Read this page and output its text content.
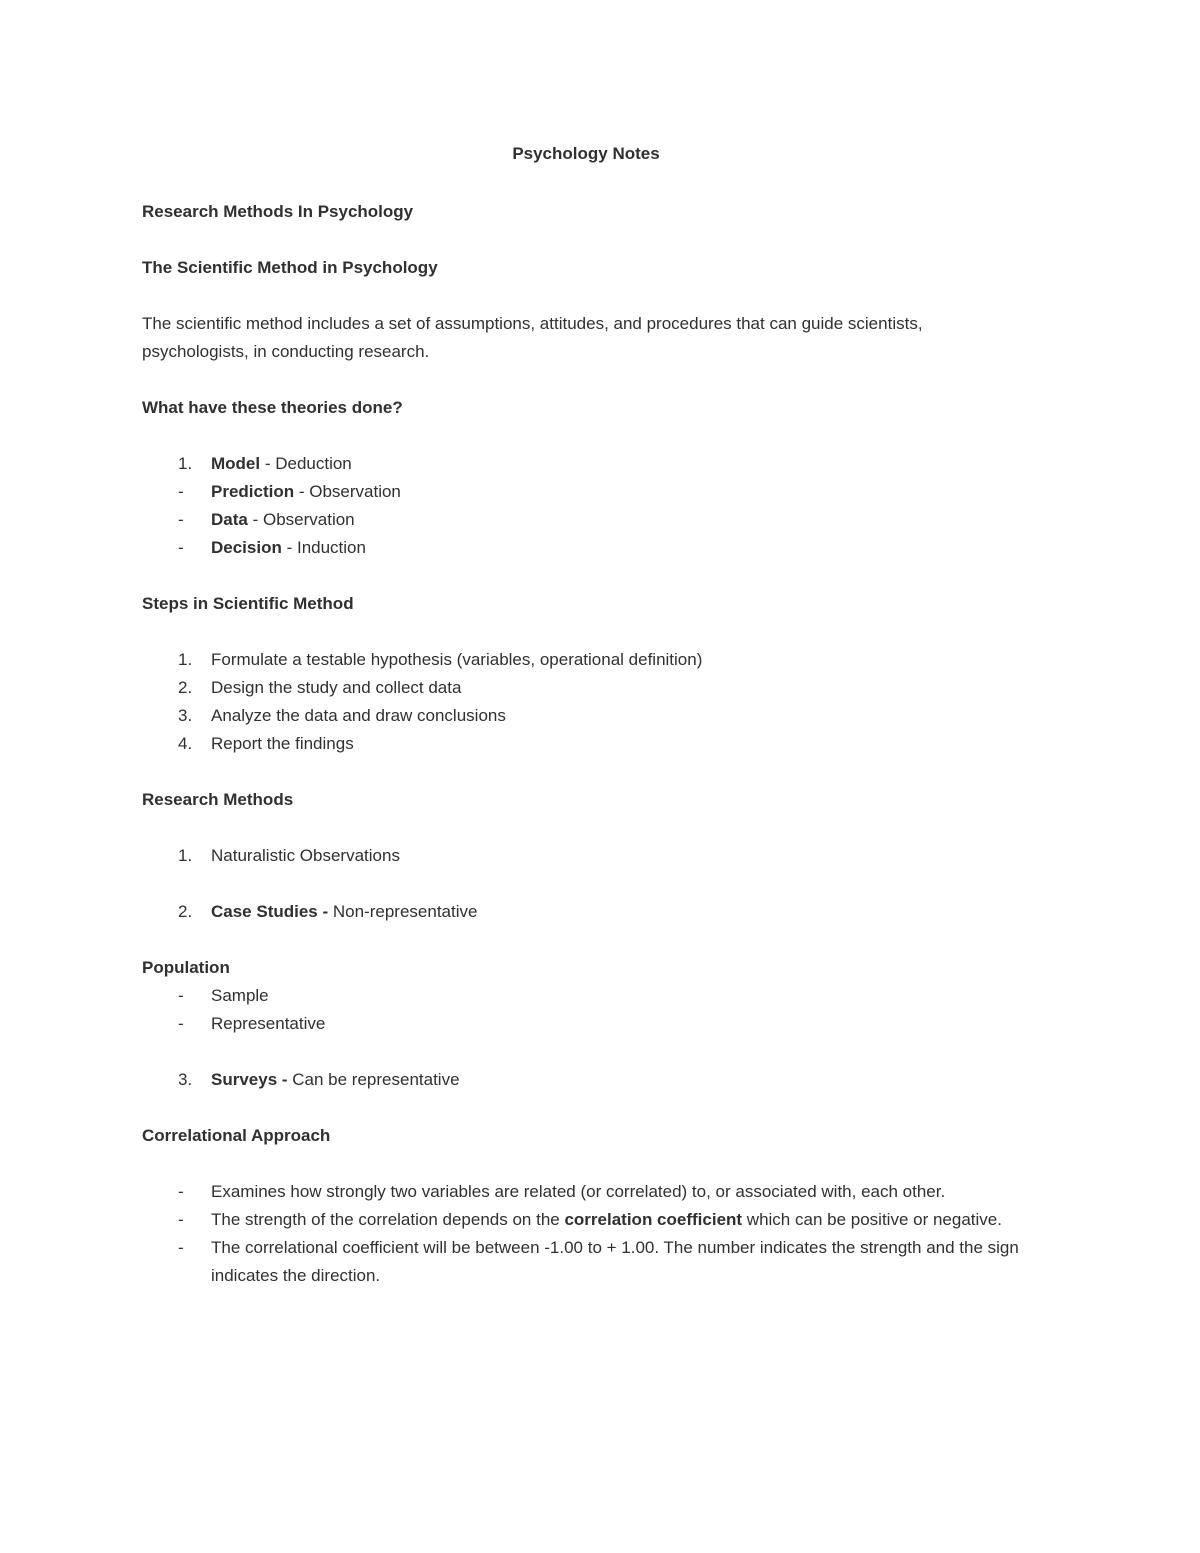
Psychology Notes
Research Methods In Psychology
The Scientific Method in Psychology
The scientific method includes a set of assumptions, attitudes, and procedures that can guide scientists, psychologists, in conducting research.
What have these theories done?
1.	Model - Deduction
-	Prediction - Observation
-	Data - Observation
-	Decision - Induction
Steps in Scientific Method
1.	Formulate a testable hypothesis (variables, operational definition)
2.	Design the study and collect data
3.	Analyze the data and draw conclusions
4.	Report the findings
Research Methods
1.	Naturalistic Observations
2.	Case Studies - Non-representative
Population
-	Sample
-	Representative
3.	Surveys - Can be representative
Correlational Approach
-	Examines how strongly two variables are related (or correlated) to, or associated with, each other.
-	The strength of the correlation depends on the correlation coefficient which can be positive or negative.
-	The correlational coefficient will be between -1.00 to + 1.00. The number indicates the strength and the sign indicates the direction.
